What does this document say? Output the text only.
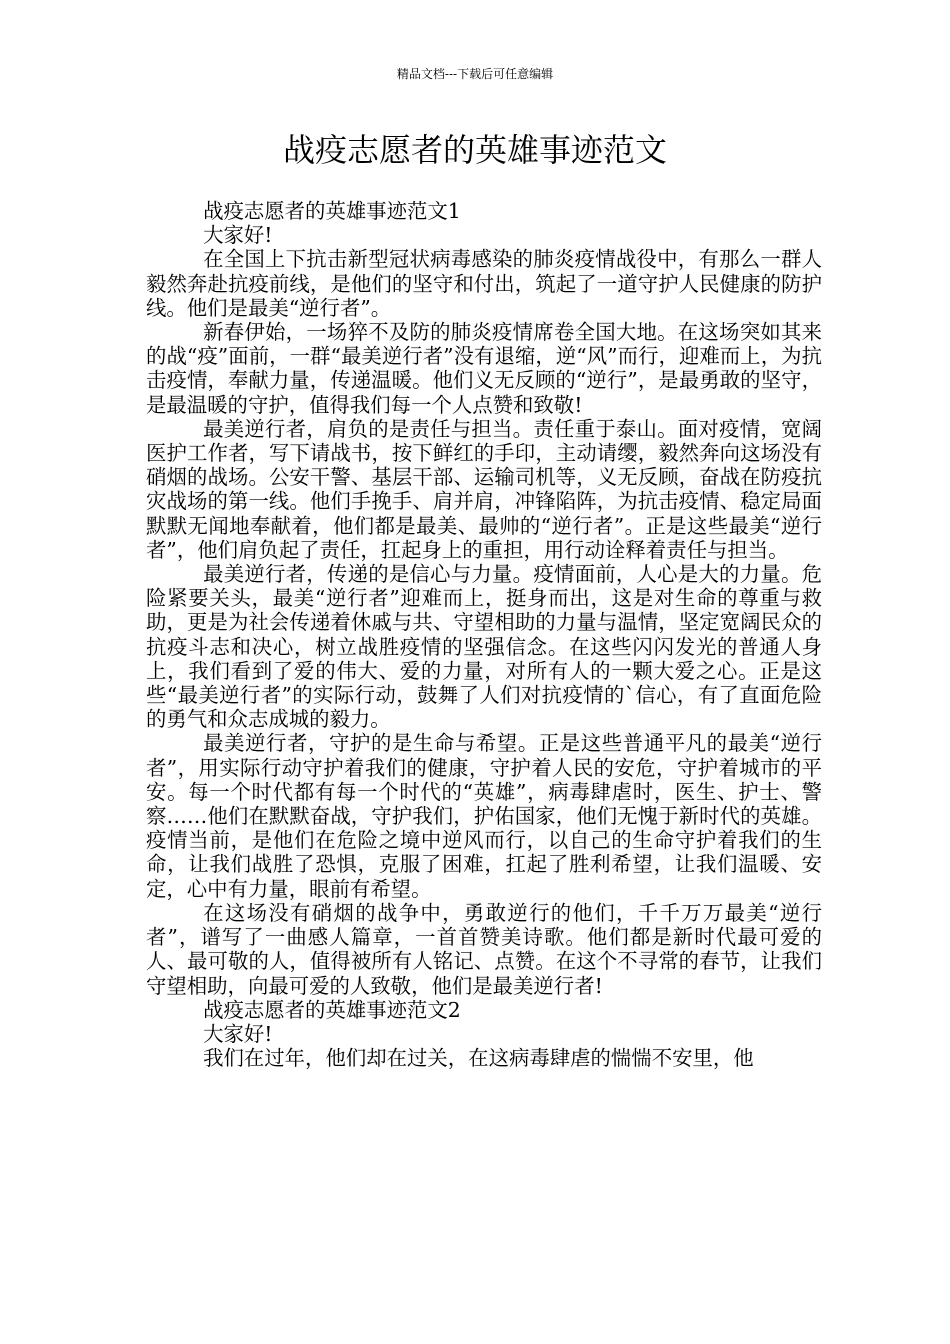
精品文档---下载后可任意编辑
战疫志愿者的英雄事迹范文

战疫志愿者的英雄事迹范文1

大家好!

在全国上下抗击新型冠状病毒感染的肺炎疫情战役中，有那么一群人毅然奔赴抗疫前线，是他们的坚守和付出，筑起了一道守护人民健康的防护线。他们是最美“逆行者”。

新春伊始，一场猝不及防的肺炎疫情席卷全国大地。在这场突如其来的战“疫”面前，一群“最美逆行者”没有退缩，逆“风”而行，迎难而上，为抗击疫情，奉献力量，传递温暖。他们义无反顾的“逆行”，是最勇敢的坚守，是最温暖的守护，值得我们每一个人点赞和致敬!

最美逆行者，肩负的是责任与担当。责任重于泰山。面对疫情，宽阔医护工作者，写下请战书，按下鲜红的手印，主动请缨，毅然奔向这场没有硝烟的战场。公安干警、基层干部、运输司机等，义无反顾，奋战在防疫抗灾战场的第一线。他们手挽手、肩并肩，冲锋陷阵，为抗击疫情、稳定局面默默无闻地奉献着，他们都是最美、最帅的“逆行者”。正是这些最美“逆行者”，他们肩负起了责任，扛起身上的重担，用行动诠释着责任与担当。

最美逆行者，传递的是信心与力量。疫情面前，人心是大的力量。危险紧要关头，最美“逆行者”迎难而上，挺身而出，这是对生命的尊重与救助，更是为社会传递着休戚与共、守望相助的力量与温情，坚定宽阔民众的抗疫斗志和决心，树立战胜疫情的坚强信念。在这些闪闪发光的普通人身上，我们看到了爱的伟大、爱的力量，对所有人的一颗大爱之心。正是这些“最美逆行者”的实际行动，鼓舞了人们对抗疫情的`信心，有了直面危险的勇气和众志成城的毅力。

最美逆行者，守护的是生命与希望。正是这些普通平凡的最美“逆行者”，用实际行动守护着我们的健康，守护着人民的安危，守护着城市的平安。每一个时代都有每一个时代的“英雄”，病毒肆虐时，医生、护士、警察……他们在默默奋战，守护我们，护佑国家，他们无愧于新时代的英雄。疫情当前，是他们在危险之境中逆风而行，以自己的生命守护着我们的生命，让我们战胜了恐惧，克服了困难，扛起了胜利希望，让我们温暖、安定，心中有力量，眼前有希望。

在这场没有硝烟的战争中，勇敢逆行的他们，千千万万最美“逆行者”，谱写了一曲感人篇章，一首首赞美诗歌。他们都是新时代最可爱的人、最可敬的人，值得被所有人铭记、点赞。在这个不寻常的春节，让我们守望相助，向最可爱的人致敬，他们是最美逆行者!

战疫志愿者的英雄事迹范文2

大家好!

我们在过年，他们却在过关，在这病毒肆虐的惴惴不安里，他
